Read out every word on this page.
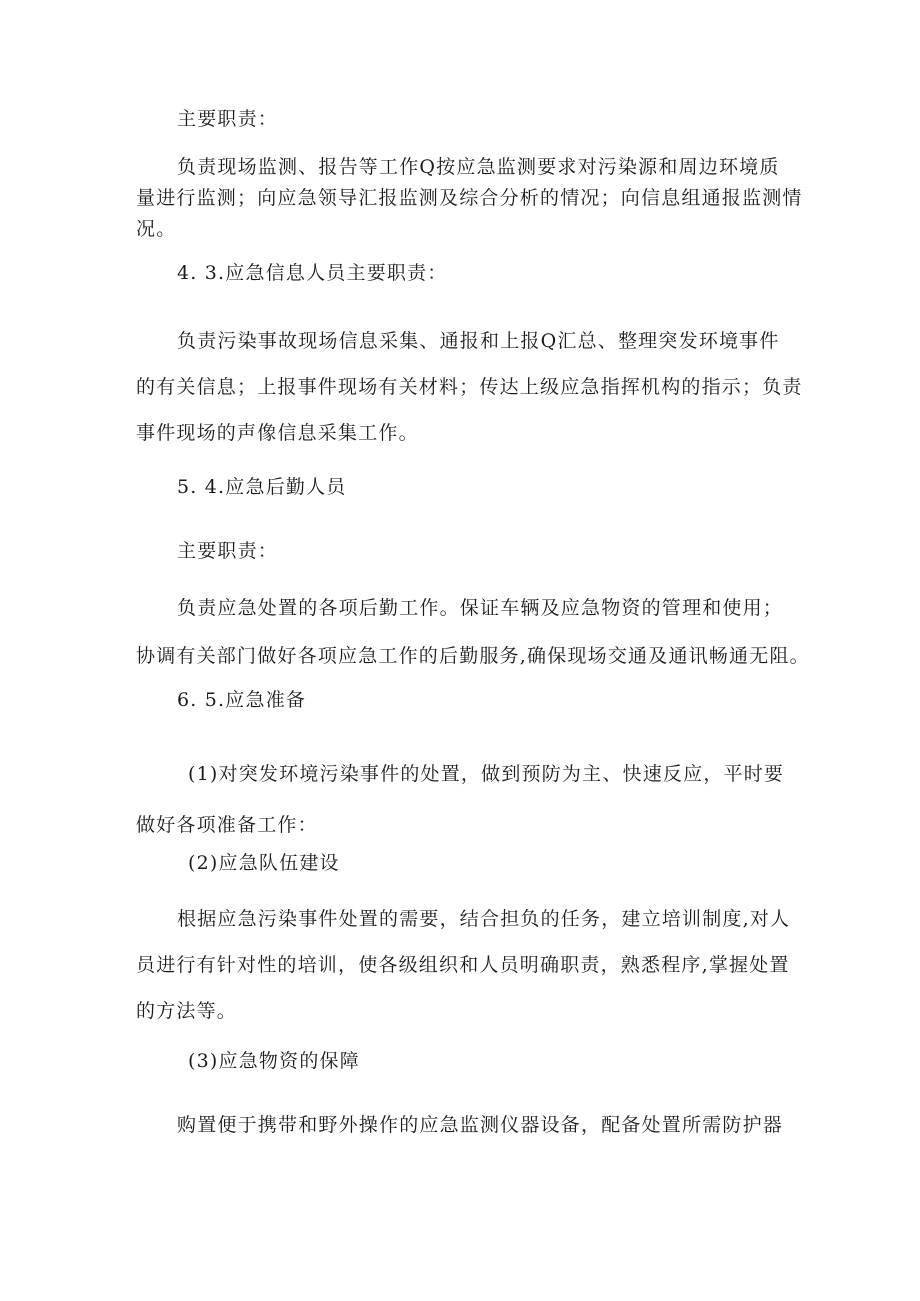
主要职责：

负责现场监测、报告等工作Q按应急监测要求对污染源和周边环境质
量进行监测；向应急领导汇报监测及综合分析的情况；向信息组通报监测情
况。

4. 3.应急信息人员主要职责：

负责污染事故现场信息采集、通报和上报Q汇总、整理突发环境事件
的有关信息；上报事件现场有关材料；传达上级应急指挥机构的指示；负责
事件现场的声像信息采集工作。

5. 4.应急后勤人员

主要职责：

负责应急处置的各项后勤工作。保证车辆及应急物资的管理和使用；
协调有关部门做好各项应急工作的后勤服务,确保现场交通及通讯畅通无阻。

6. 5.应急准备

(1)对突发环境污染事件的处置，做到预防为主、快速反应，平时要
做好各项准备工作：

(2)应急队伍建设

根据应急污染事件处置的需要，结合担负的任务，建立培训制度,对人
员进行有针对性的培训，使各级组织和人员明确职责，熟悉程序,掌握处置
的方法等。

(3)应急物资的保障

购置便于携带和野外操作的应急监测仪器设备，配备处置所需防护器
